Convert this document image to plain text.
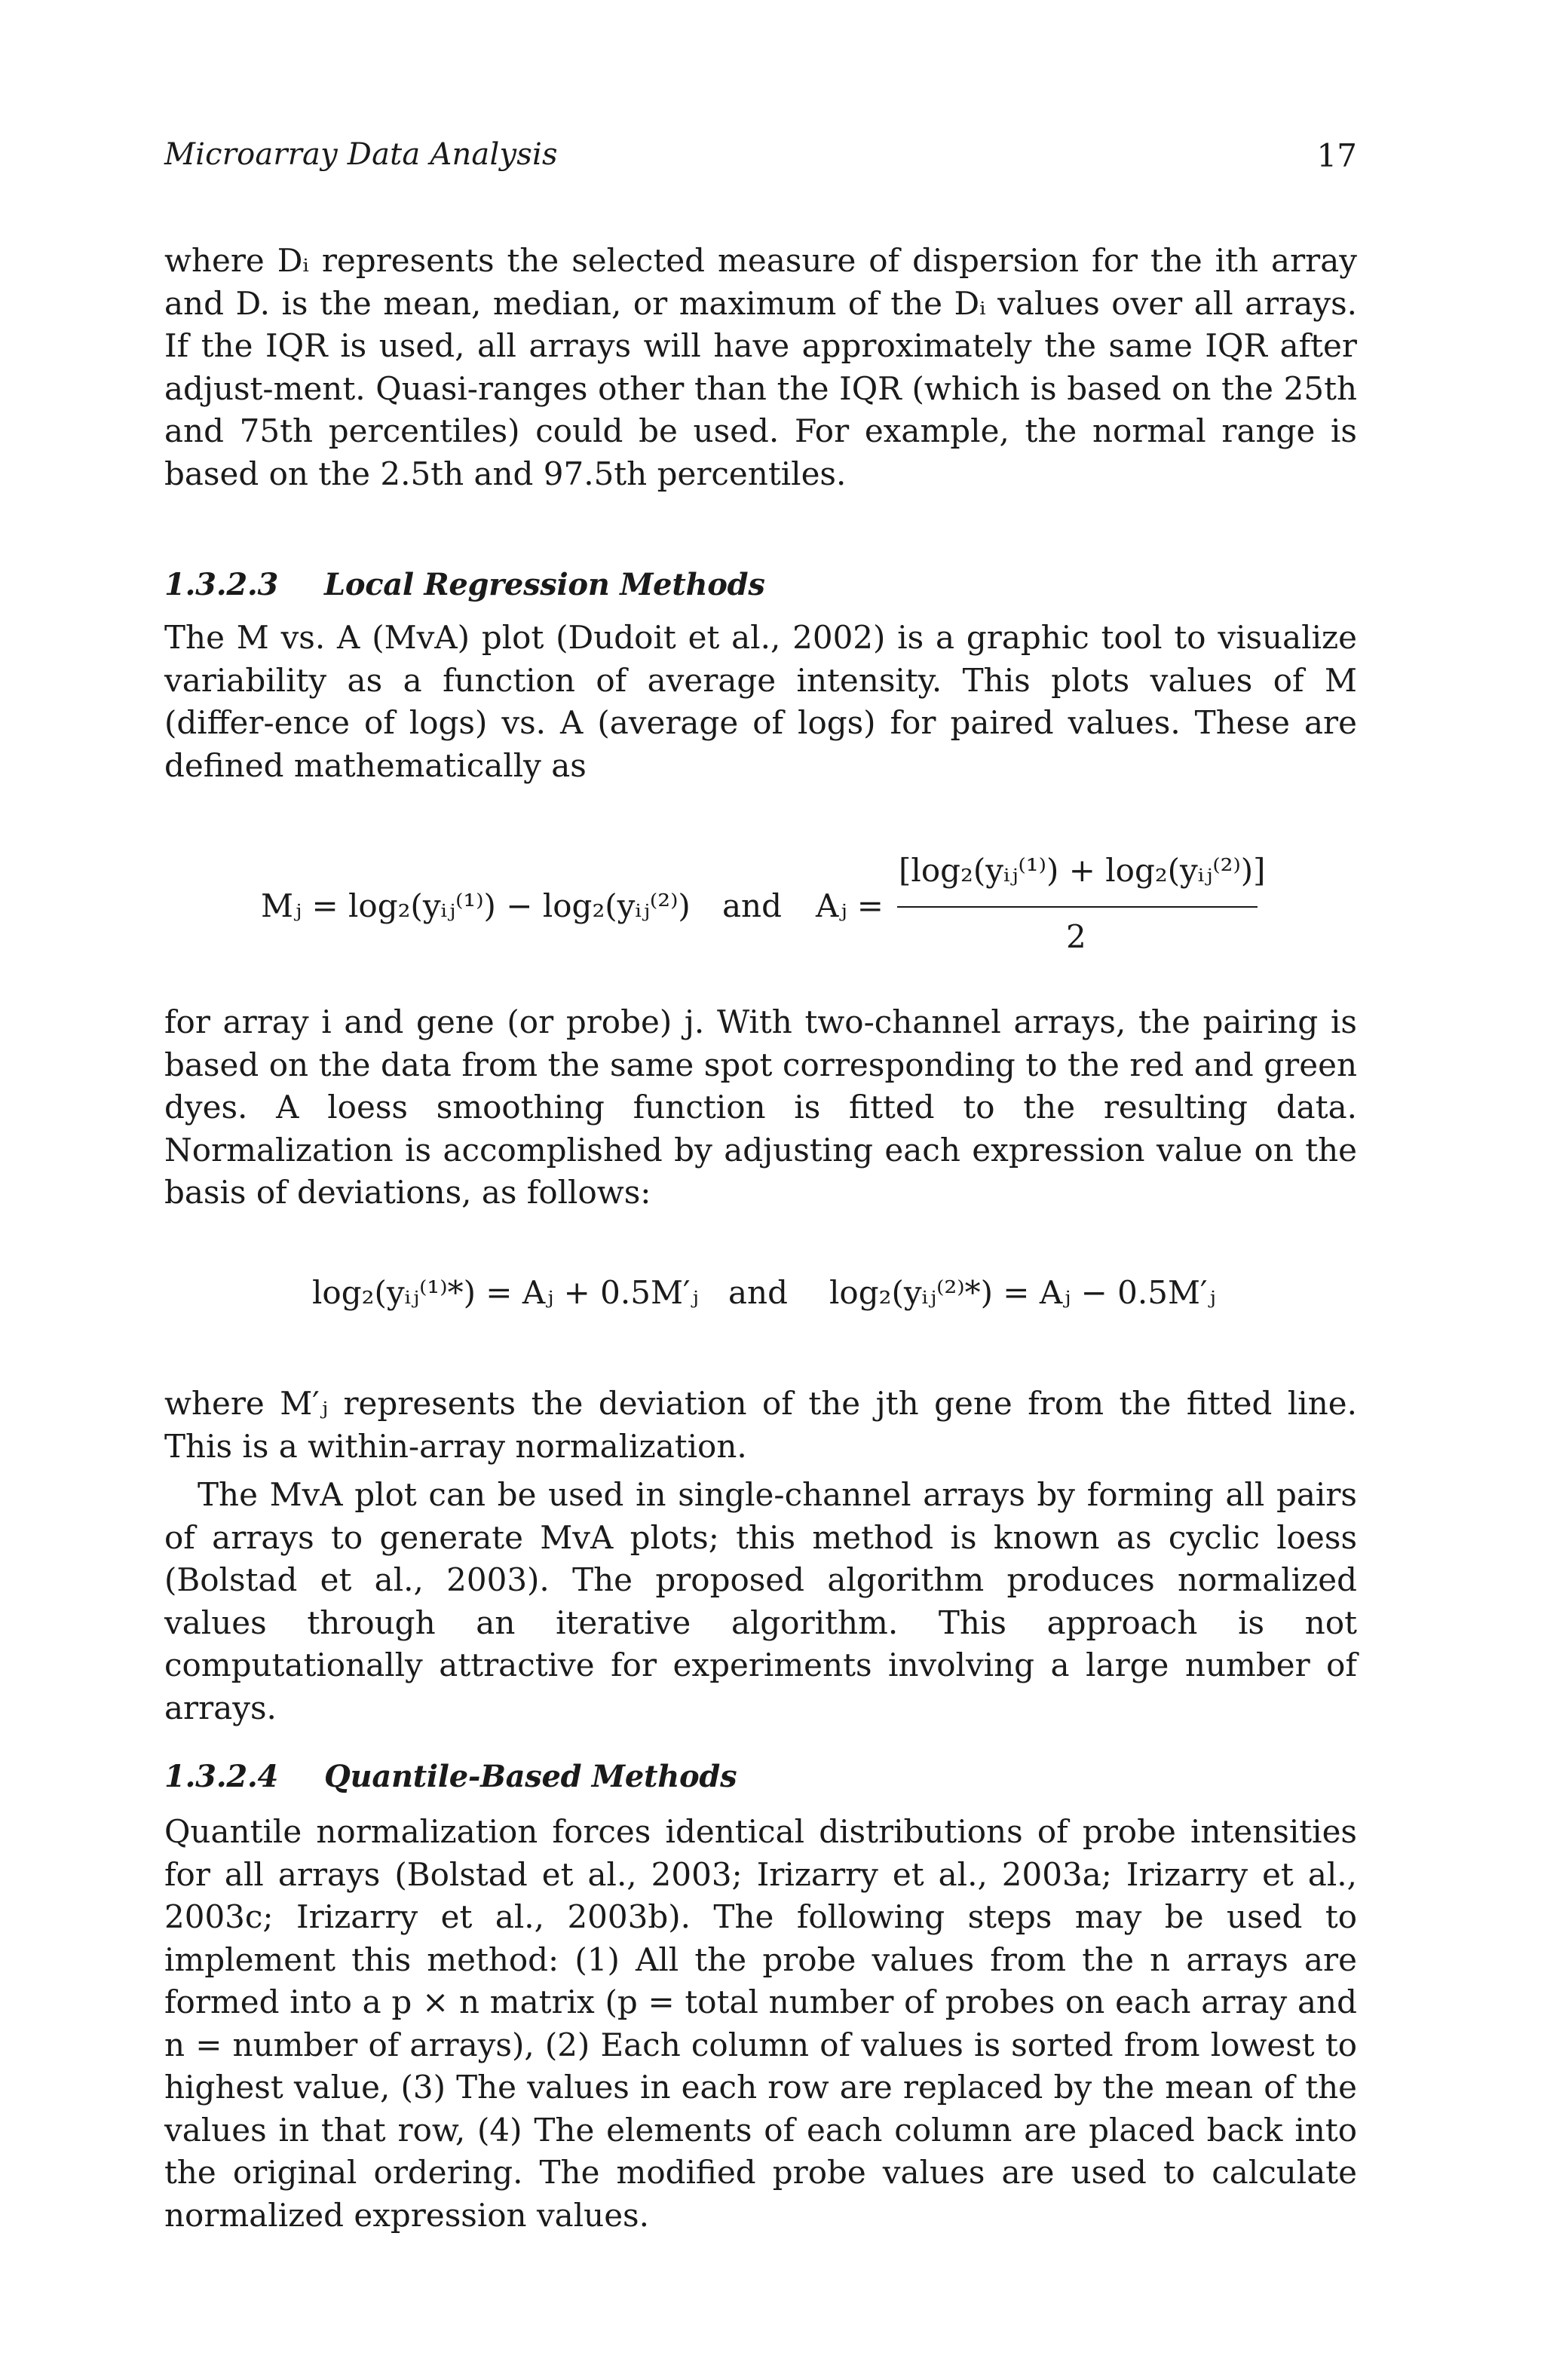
Microarray Data Analysis	17

where Dᵢ represents the selected measure of dispersion for the ith array and D. is the mean, median, or maximum of the Dᵢ values over all arrays. If the IQR is used, all arrays will have approximately the same IQR after adjust-ment. Quasi-ranges other than the IQR (which is based on the 25th and 75th percentiles) could be used. For example, the normal range is based on the 2.5th and 97.5th percentiles.

1.3.2.3 Local Regression Methods

The M vs. A (MvA) plot (Dudoit et al., 2002) is a graphic tool to visualize variability as a function of average intensity. This plots values of M (differ-ence of logs) vs. A (average of logs) for paired values. These are defined mathematically as

Mⱼ = log₂(yᵢⱼ⁽¹⁾) − log₂(yᵢⱼ⁽²⁾) and Aⱼ =
[log₂(yᵢⱼ⁽¹⁾) + log₂(yᵢⱼ⁽²⁾)]
2

for array i and gene (or probe) j. With two-channel arrays, the pairing is based on the data from the same spot corresponding to the red and green dyes. A loess smoothing function is fitted to the resulting data. Normalization is accomplished by adjusting each expression value on the basis of deviations, as follows:

log₂(yᵢⱼ⁽¹⁾*) = Aⱼ + 0.5M′ⱼ and log₂(yᵢⱼ⁽²⁾*) = Aⱼ − 0.5M′ⱼ

where M′ⱼ represents the deviation of the jth gene from the fitted line. This is a within-array normalization.

The MvA plot can be used in single-channel arrays by forming all pairs of arrays to generate MvA plots; this method is known as cyclic loess (Bolstad et al., 2003). The proposed algorithm produces normalized values through an iterative algorithm. This approach is not computationally attractive for experiments involving a large number of arrays.

1.3.2.4 Quantile-Based Methods

Quantile normalization forces identical distributions of probe intensities for all arrays (Bolstad et al., 2003; Irizarry et al., 2003a; Irizarry et al., 2003c; Irizarry et al., 2003b). The following steps may be used to implement this method: (1) All the probe values from the n arrays are formed into a p × n matrix (p = total number of probes on each array and n = number of arrays), (2) Each column of values is sorted from lowest to highest value, (3) The values in each row are replaced by the mean of the values in that row, (4) The elements of each column are placed back into the original ordering. The modified probe values are used to calculate normalized expression values.
